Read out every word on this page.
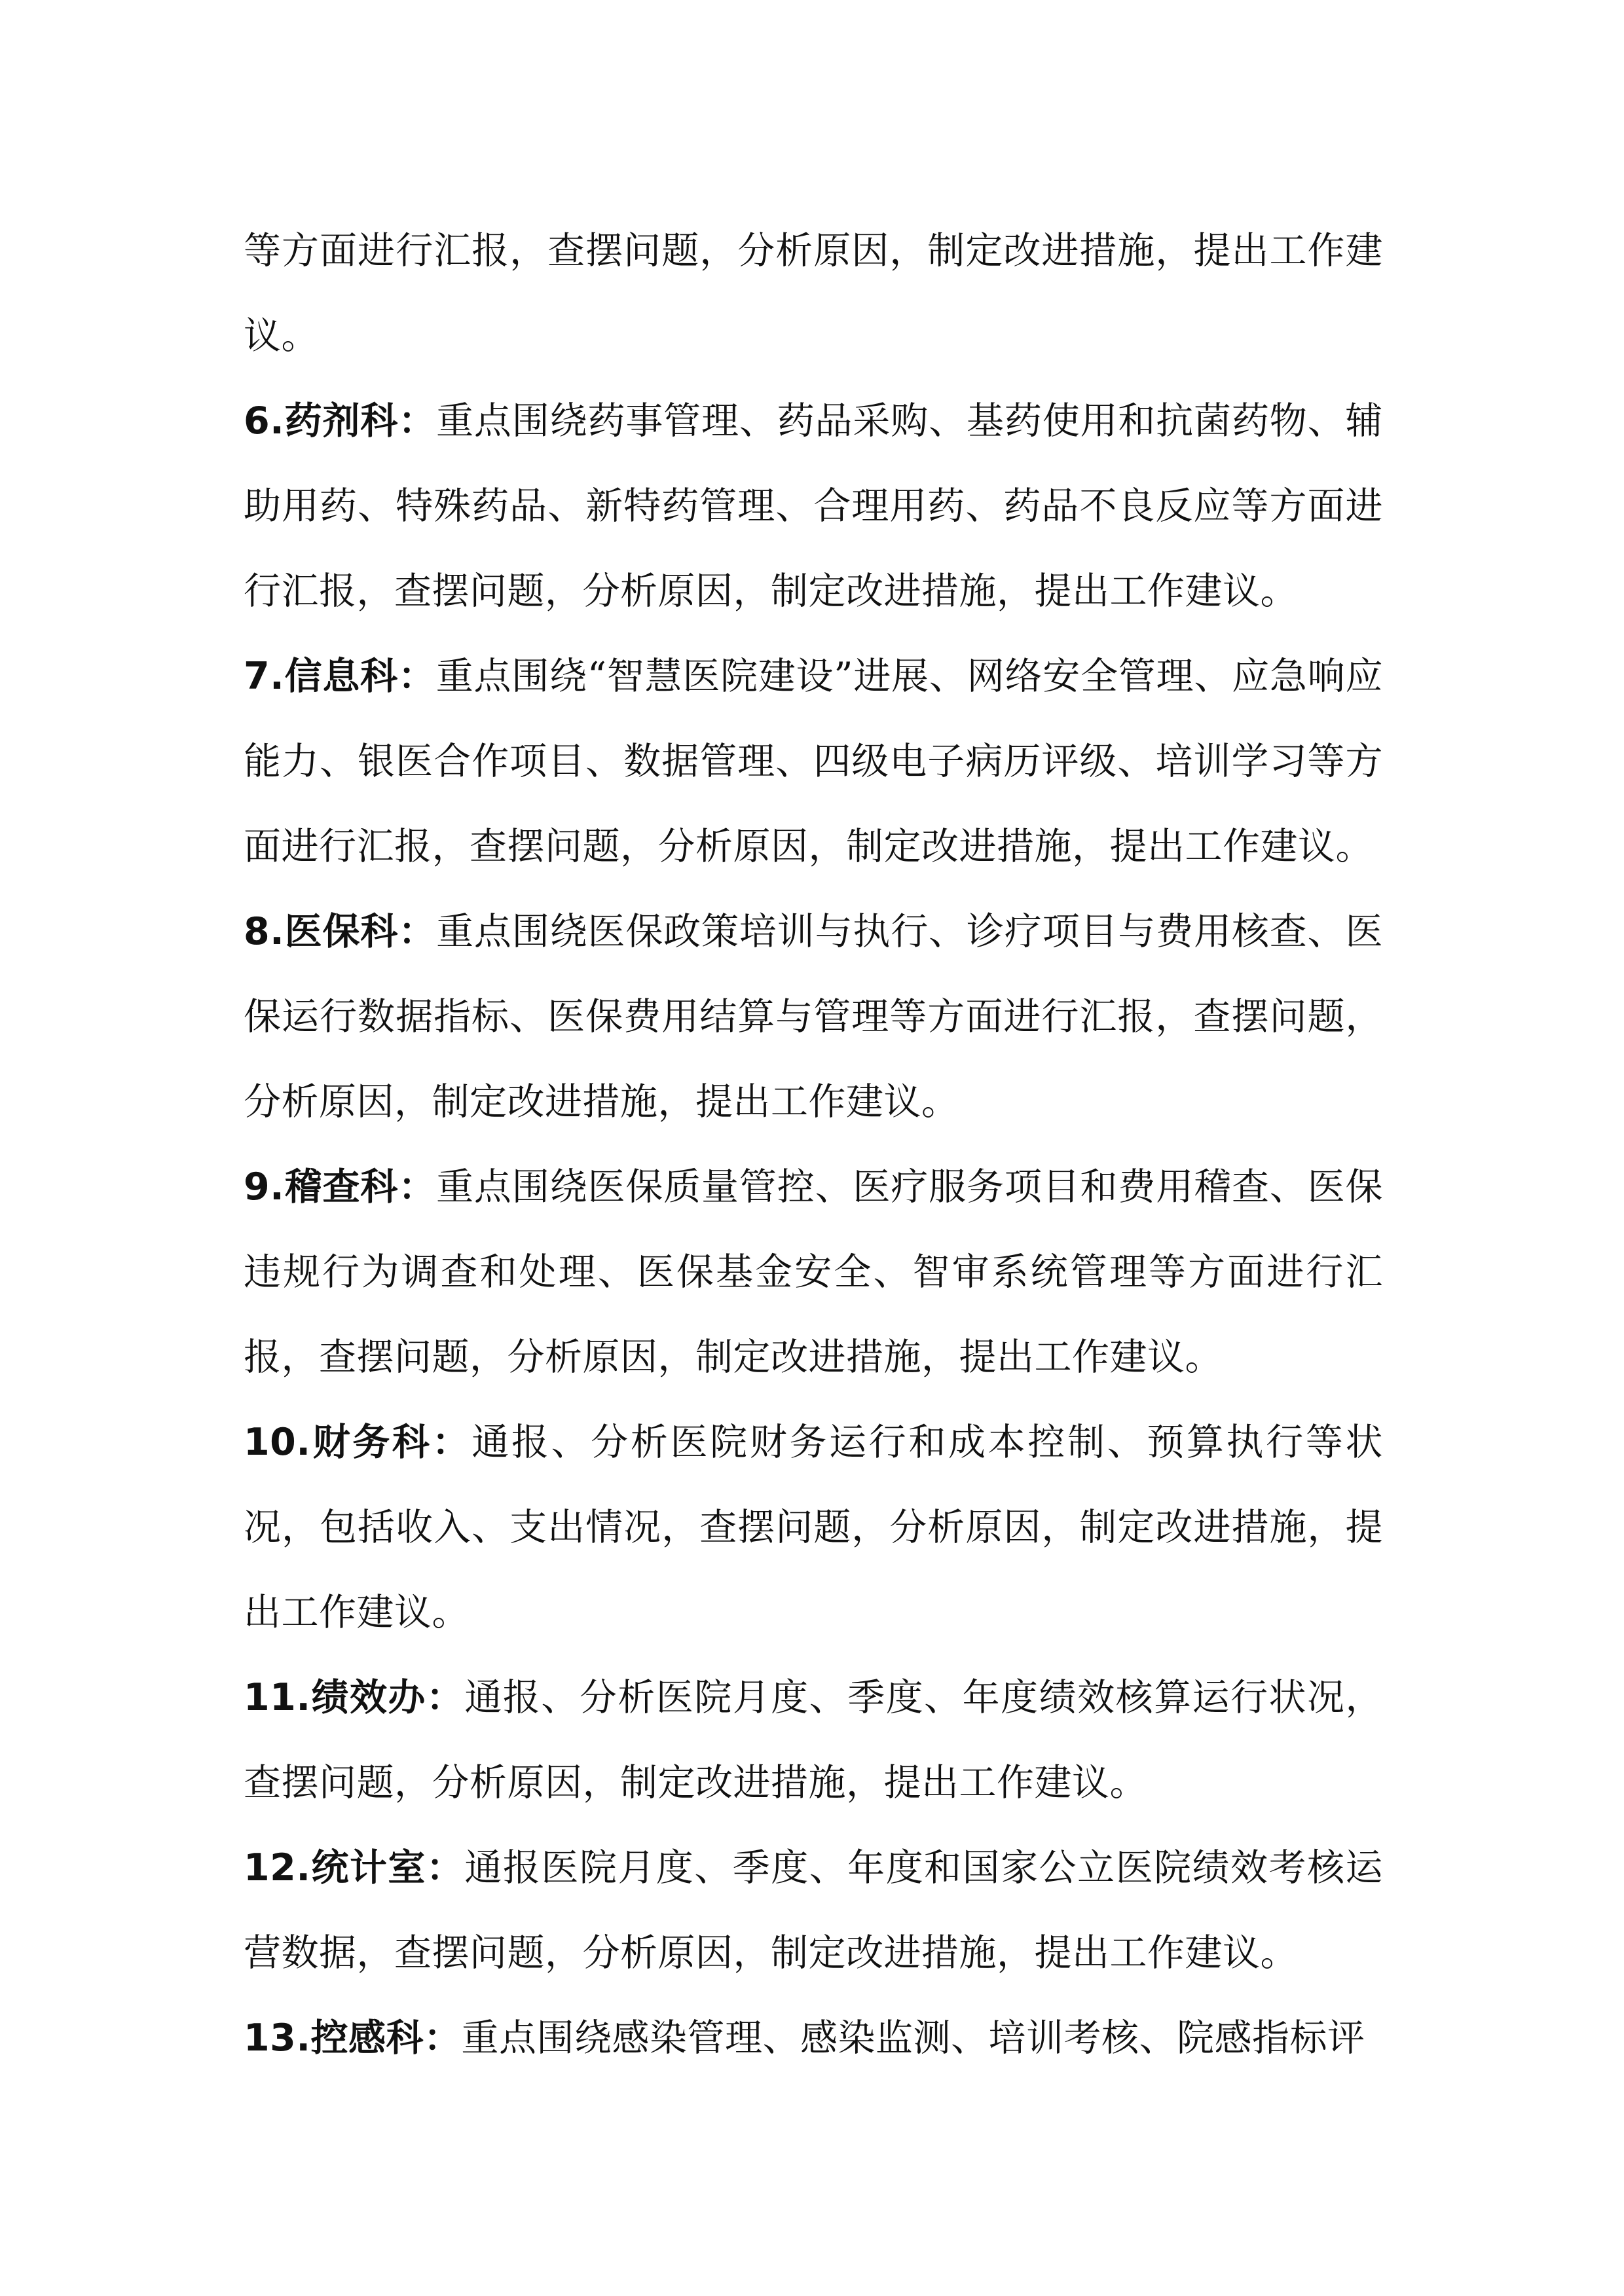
等方面进行汇报，查摆问题，分析原因，制定改进措施，提出工作建议。

6.药剂科：重点围绕药事管理、药品采购、基药使用和抗菌药物、辅助用药、特殊药品、新特药管理、合理用药、药品不良反应等方面进行汇报，查摆问题，分析原因，制定改进措施，提出工作建议。

7.信息科：重点围绕“智慧医院建设”进展、网络安全管理、应急响应能力、银医合作项目、数据管理、四级电子病历评级、培训学习等方面进行汇报，查摆问题，分析原因，制定改进措施，提出工作建议。

8.医保科：重点围绕医保政策培训与执行、诊疗项目与费用核查、医保运行数据指标、医保费用结算与管理等方面进行汇报，查摆问题，分析原因，制定改进措施，提出工作建议。

9.稽查科：重点围绕医保质量管控、医疗服务项目和费用稽查、医保违规行为调查和处理、医保基金安全、智审系统管理等方面进行汇报，查摆问题，分析原因，制定改进措施，提出工作建议。

10.财务科：通报、分析医院财务运行和成本控制、预算执行等状况，包括收入、支出情况，查摆问题，分析原因，制定改进措施，提出工作建议。

11.绩效办：通报、分析医院月度、季度、年度绩效核算运行状况，查摆问题，分析原因，制定改进措施，提出工作建议。

12.统计室：通报医院月度、季度、年度和国家公立医院绩效考核运营数据，查摆问题，分析原因，制定改进措施，提出工作建议。

13.控感科：重点围绕感染管理、感染监测、培训考核、院感指标评
